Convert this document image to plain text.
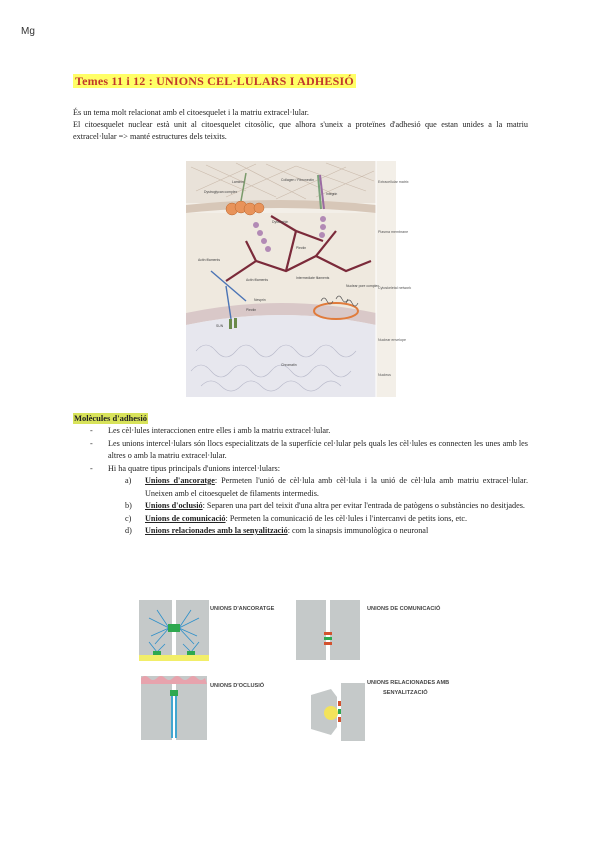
Mg
Temes 11 i 12 : UNIONS CEL·LULARS I ADHESIÓ

És un tema molt relacionat amb el citoesquelet i la matriu extracel·lular.

El citoesquelet nuclear està unit al citoesquelet citosòlic, que alhora s'uneix a proteïnes d'adhesió que estan unides a la matriu extracel·lular => manté estructures dels teixits.

Extracellular matrix
Plasma membrane
Cytoskeletal network
Nuclear envelope
Nucleus
Laminin
Dystroglycan complex
Collagen / Fibronectin
Dystrophin
Plectin
Integrin
Actin filaments
Intermediate filaments
Nesprin
SUN
Nuclear pore complex
Chromatin
Actin filaments
Plectin
Molècules d'adhesió
- Les cèl·lules interaccionen entre elles i amb la matriu extracel·lular.
- Les unions intercel·lulars són llocs especialitzats de la superfície cel·lular pels quals les cèl·lules es connecten les unes amb les altres o amb la matriu extracel·lular.
- Hi ha quatre tipus principals d'unions intercel·lulars:
a) Unions d'ancoratge: Permeten l'unió de cèl·lula amb cèl·lula i la unió de cèl·lula amb matriu extracel·lular. Uneixen amb el citoesquelet de filaments intermedis.
b) Unions d'oclusió: Separen una part del teixit d'una altra per evitar l'entrada de patògens o substàncies no desitjades.
c) Unions de comunicació: Permeten la comunicació de les cèl·lules i l'intercanvi de petits ions, etc.
d) Unions relacionades amb la senyalització: com la sinapsis immunològica o neuronal
UNIONS D'ANCORATGE	UNIONS DE COMUNICACIÓ
UNIONS D'OCLUSIÓ	UNIONS RELACIONADES AMB
SENYALITZACIÓ
